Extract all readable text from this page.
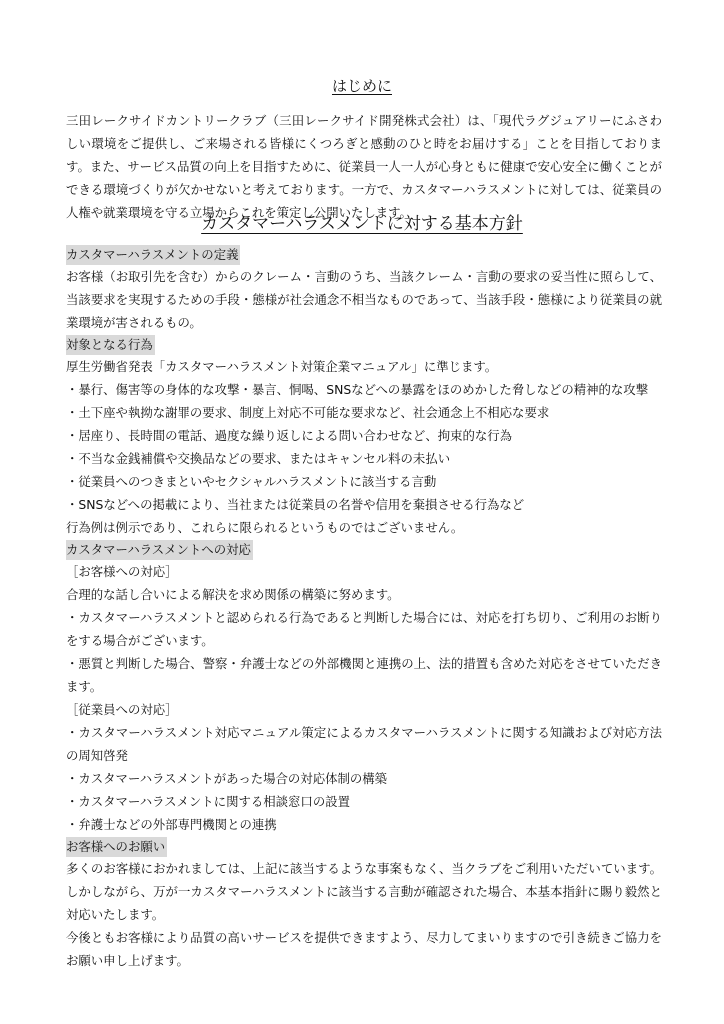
はじめに

三田レークサイドカントリークラブ（三田レークサイド開発株式会社）は、「現代ラグジュアリーにふさわしい環境をご提供し、ご来場される皆様にくつろぎと感動のひと時をお届けする」ことを目指しております。また、サービス品質の向上を目指すために、従業員一人一人が心身ともに健康で安心安全に働くことができる環境づくりが欠かせないと考えております。一方で、カスタマーハラスメントに対しては、従業員の人権や就業環境を守る立場からこれを策定し公開いたします。

カスタマーハラスメントに対する基本方針
カスタマーハラスメントの定義

お客様（お取引先を含む）からのクレーム・言動のうち、当該クレーム・言動の要求の妥当性に照らして、当該要求を実現するための手段・態様が社会通念不相当なものであって、当該手段・態様により従業員の就業環境が害されるもの。

対象となる行為

厚生労働省発表「カスタマーハラスメント対策企業マニュアル」に準じます。

・暴行、傷害等の身体的な攻撃・暴言、恫喝、SNSなどへの暴露をほのめかした脅しなどの精神的な攻撃

・土下座や執拗な謝罪の要求、制度上対応不可能な要求など、社会通念上不相応な要求

・居座り、長時間の電話、過度な繰り返しによる問い合わせなど、拘束的な行為

・不当な金銭補償や交換品などの要求、またはキャンセル料の未払い

・従業員へのつきまといやセクシャルハラスメントに該当する言動

・SNSなどへの掲載により、当社または従業員の名誉や信用を棄損させる行為など

行為例は例示であり、これらに限られるというものではございません。

カスタマーハラスメントへの対応

［お客様への対応］

合理的な話し合いによる解決を求め関係の構築に努めます。

・カスタマーハラスメントと認められる行為であると判断した場合には、対応を打ち切り、ご利用のお断りをする場合がございます。

・悪質と判断した場合、警察・弁護士などの外部機関と連携の上、法的措置も含めた対応をさせていただきます。

［従業員への対応］

・カスタマーハラスメント対応マニュアル策定によるカスタマーハラスメントに関する知識および対応方法の周知啓発

・カスタマーハラスメントがあった場合の対応体制の構築

・カスタマーハラスメントに関する相談窓口の設置

・弁護士などの外部専門機関との連携

お客様へのお願い

多くのお客様におかれましては、上記に該当するような事案もなく、当クラブをご利用いただいています。しかしながら、万が一カスタマーハラスメントに該当する言動が確認された場合、本基本指針に賜り毅然と対応いたします。

今後ともお客様により品質の高いサービスを提供できますよう、尽力してまいりますので引き続きご協力をお願い申し上げます。
